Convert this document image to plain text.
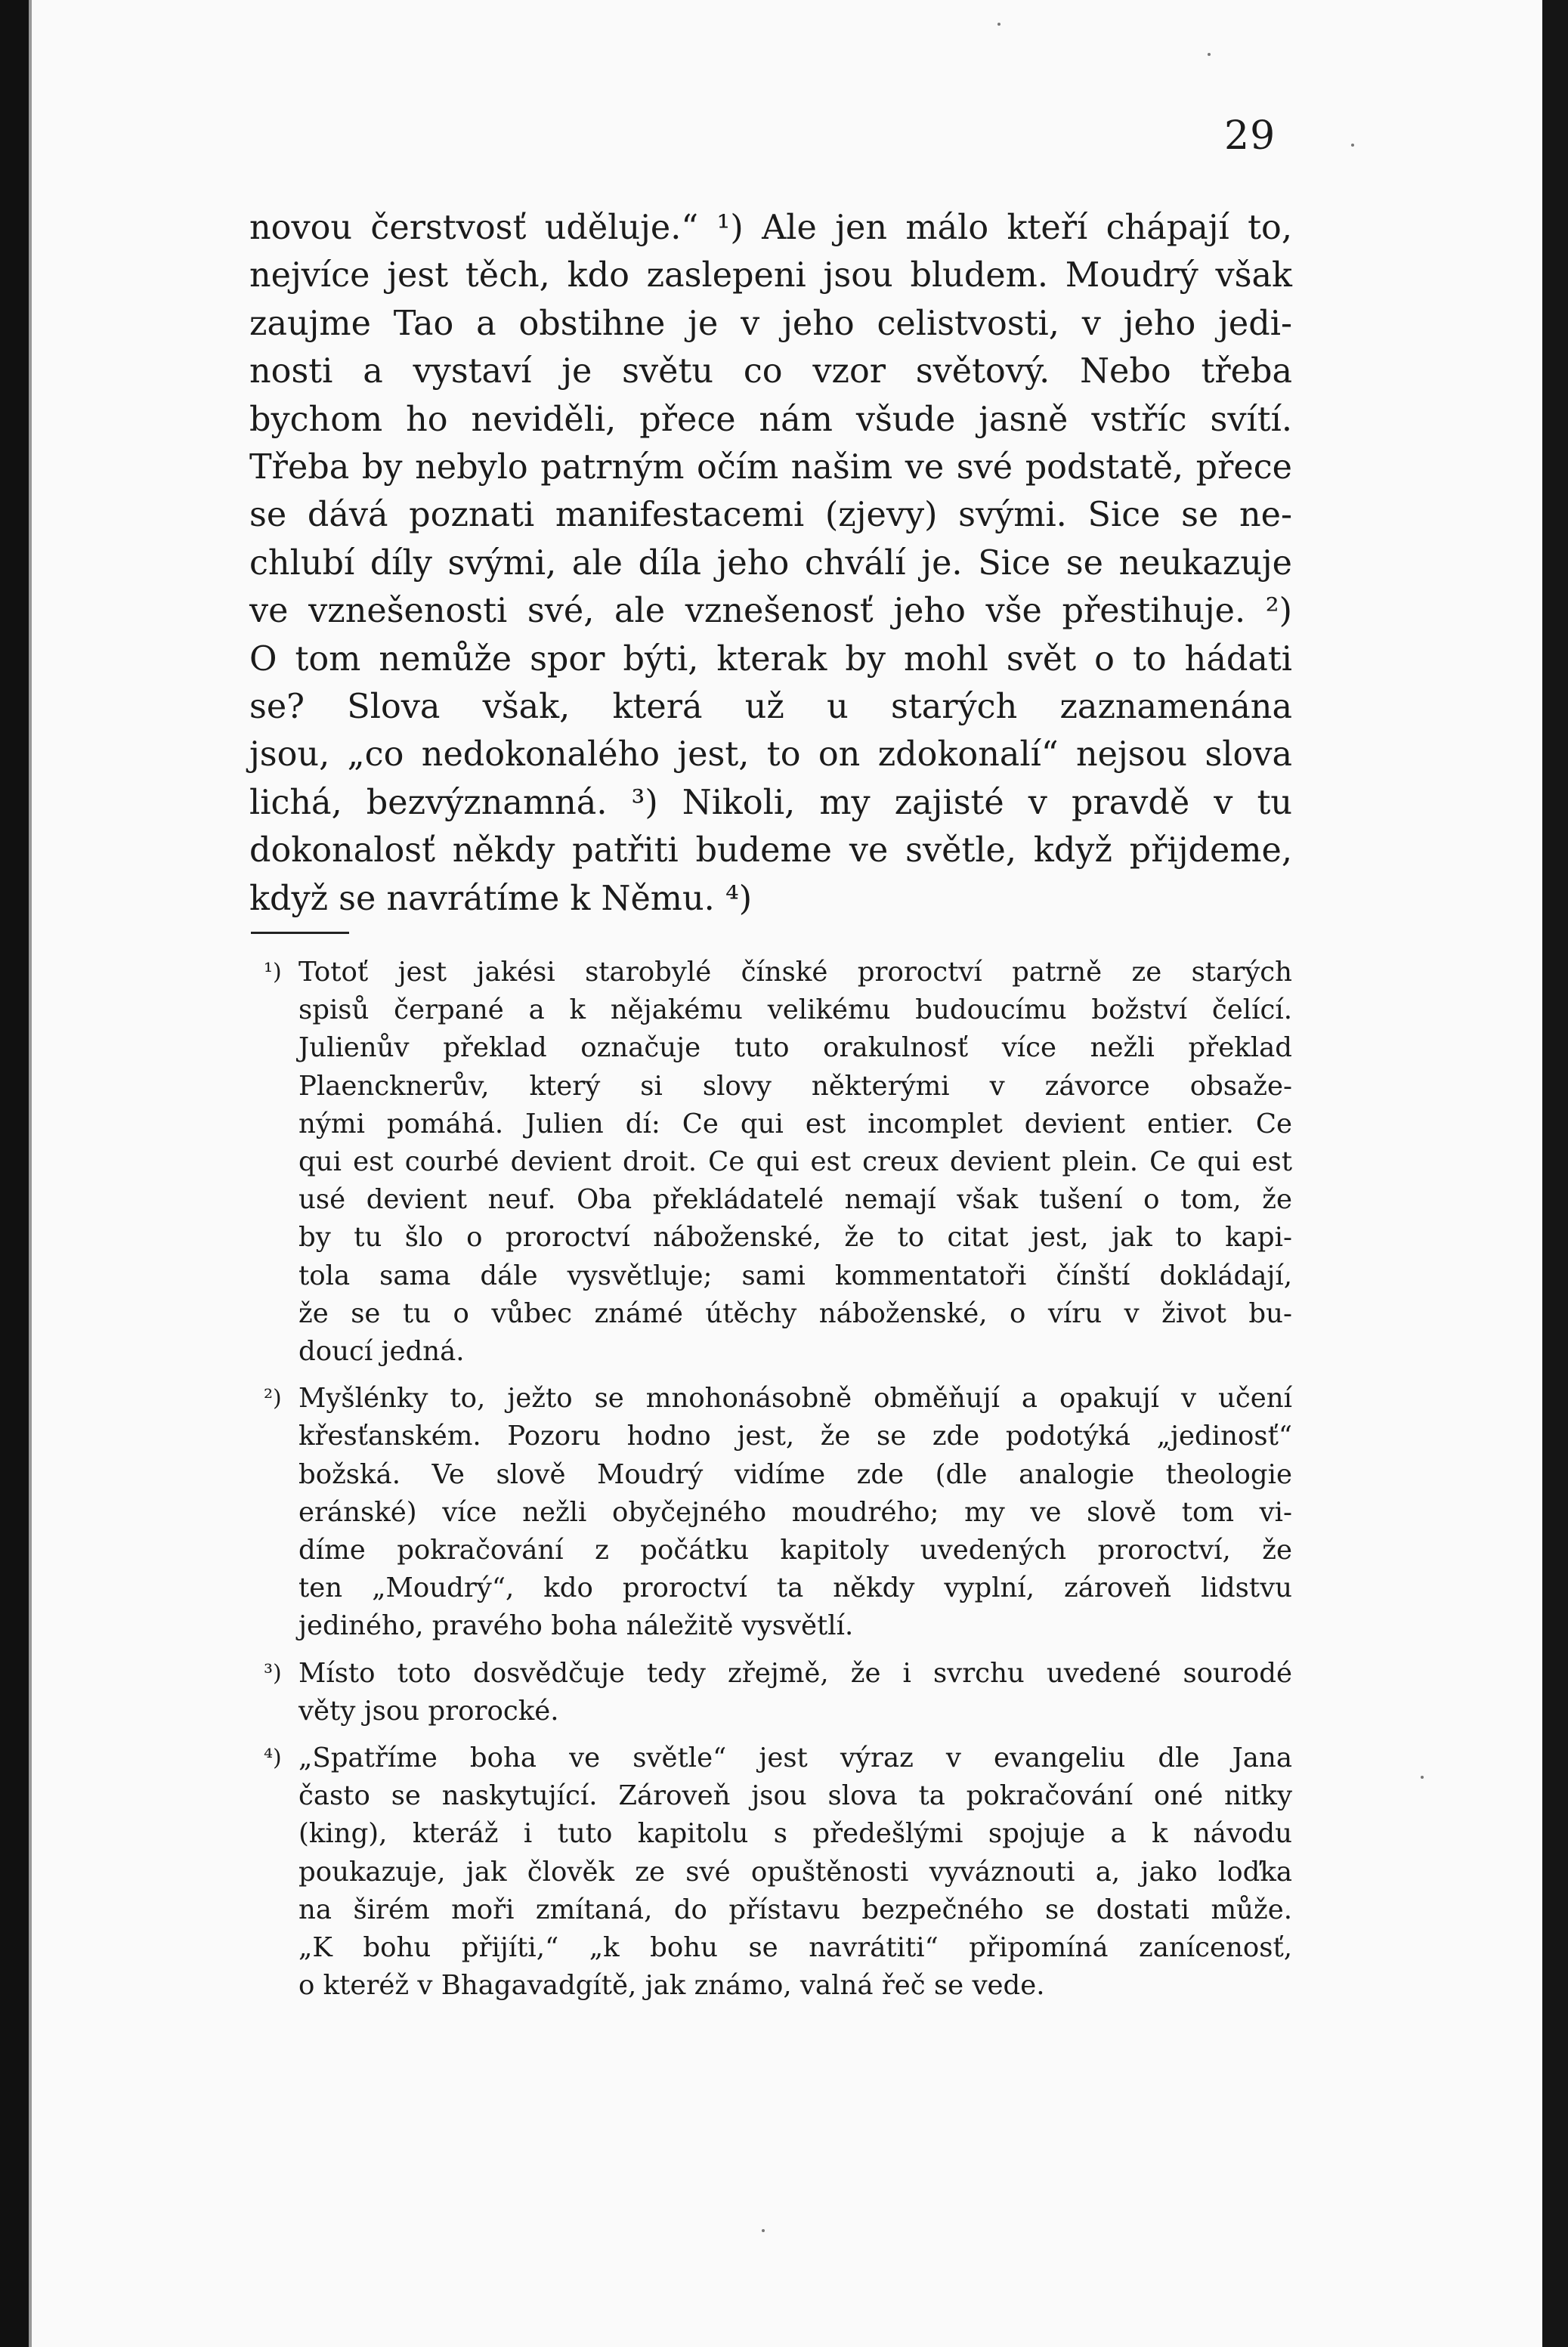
29
novou čerstvosť uděluje.“ ¹) Ale jen málo kteří chápají to,
nejvíce jest těch, kdo zaslepeni jsou bludem. Moudrý však
zaujme Tao a obstihne je v jeho celistvosti, v jeho jedi-
nosti a vystaví je světu co vzor světový. Nebo třeba
bychom ho neviděli, přece nám všude jasně vstříc svítí.
Třeba by nebylo patrným očím našim ve své podstatě, přece
se dává poznati manifestacemi (zjevy) svými. Sice se ne-
chlubí díly svými, ale díla jeho chválí je. Sice se neukazuje
ve vznešenosti své, ale vznešenosť jeho vše přestihuje. ²)
O tom nemůže spor býti, kterak by mohl svět o to hádati
se? Slova však, která už u starých zaznamenána
jsou, „co nedokonalého jest, to on zdokonalí“ nejsou slova
lichá, bezvýznamná. ³) Nikoli, my zajisté v pravdě v tu
dokonalosť někdy patřiti budeme ve světle, když přijdeme,
když se navrátíme k Němu. ⁴)
¹) Totoť jest jakési starobylé čínské proroctví patrně ze starých
spisů čerpané a k nějakému velikému budoucímu božství čelící.
Julienův překlad označuje tuto orakulnosť více nežli překlad
Plaencknerův, který si slovy některými v závorce obsaže-
nými pomáhá. Julien dí: Ce qui est incomplet devient entier. Ce
qui est courbé devient droit. Ce qui est creux devient plein. Ce qui est
usé devient neuf. Oba překládatelé nemají však tušení o tom, že
by tu šlo o proroctví náboženské, že to citat jest, jak to kapi-
tola sama dále vysvětluje; sami kommentatoři čínští dokládají,
že se tu o vůbec známé útěchy náboženské, o víru v život bu-
doucí jedná.
²) Myšlénky to, ježto se mnohonásobně obměňují a opakují v učení
křesťanském. Pozoru hodno jest, že se zde podotýká „jedinosť“
božská. Ve slově Moudrý vidíme zde (dle analogie theologie
eránské) více nežli obyčejného moudrého; my ve slově tom vi-
díme pokračování z počátku kapitoly uvedených proroctví, že
ten „Moudrý“, kdo proroctví ta někdy vyplní, zároveň lidstvu
jediného, pravého boha náležitě vysvětlí.
³) Místo toto dosvědčuje tedy zřejmě, že i svrchu uvedené sourodé
věty jsou prorocké.
⁴) „Spatříme boha ve světle“ jest výraz v evangeliu dle Jana
často se naskytující. Zároveň jsou slova ta pokračování oné nitky
(king), kteráž i tuto kapitolu s předešlými spojuje a k návodu
poukazuje, jak člověk ze své opuštěnosti vyváznouti a, jako loďka
na širém moři zmítaná, do přístavu bezpečného se dostati může.
„K bohu přijíti,“ „k bohu se navrátiti“ připomíná zanícenosť,
o kteréž v Bhagavadgítě, jak známo, valná řeč se vede.
